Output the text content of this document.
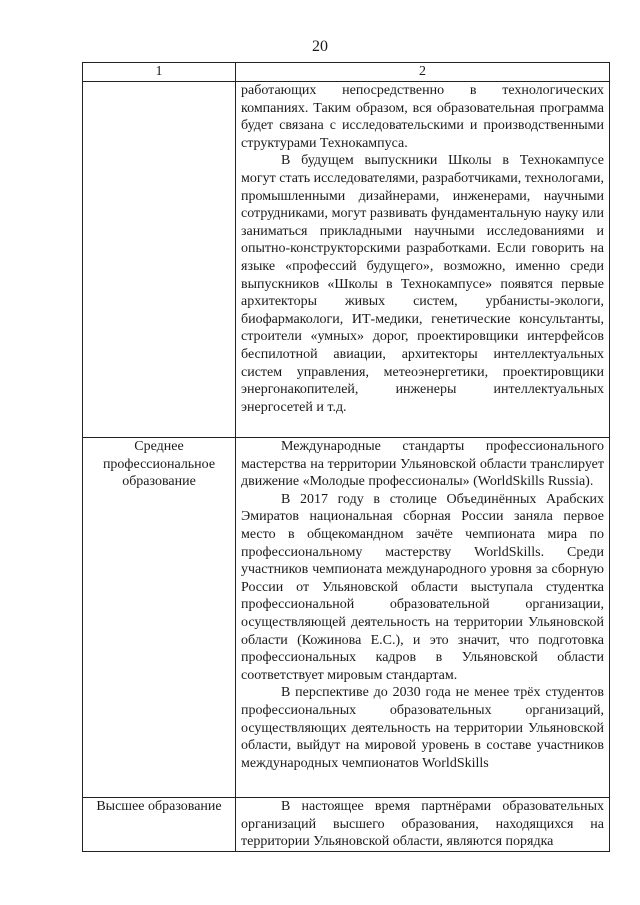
20
1	2

	работающих непосредственно в технологических компаниях. Таким образом, вся образовательная программа будет связана с исследовательскими и производственными структурами Технокампуса.

В будущем выпускники Школы в Технокампусе могут стать исследователями, разработчиками, технологами, промышленными дизайнерами, инженерами, научными сотрудниками, могут развивать фундаментальную науку или заниматься прикладными научными исследованиями и опытно-конструкторскими разработками. Если говорить на языке «профессий будущего», возможно, именно среди выпускников «Школы в Технокампусе» появятся первые архитекторы живых систем, урбанисты-экологи, биофармакологи, ИТ-медики, генетические консультанты, строители «умных» дорог, проектировщики интерфейсов беспилотной авиации, архитекторы интеллектуальных систем управления, метеоэнергетики, проектировщики энергонакопителей, инженеры интеллектуальных энергосетей и т.д.

Среднее профессиональное образование	Международные стандарты профессионального мастерства на территории Ульяновской области транслирует движение «Молодые профессионалы» (WorldSkills Russia).

В 2017 году в столице Объединённых Арабских Эмиратов национальная сборная России заняла первое место в общекомандном зачёте чемпионата мира по профессиональному мастерству WorldSkills. Среди участников чемпионата международного уровня за сборную России от Ульяновской области выступала студентка профессиональной образовательной организации, осуществляющей деятельность на территории Ульяновской области (Кожинова Е.С.), и это значит, что подготовка профессиональных кадров в Ульяновской области соответствует мировым стандартам.

В перспективе до 2030 года не менее трёх студентов профессиональных образовательных организаций, осуществляющих деятельность на территории Ульяновской области, выйдут на мировой уровень в составе участников международных чемпионатов WorldSkills

Высшее образование	В настоящее время партнёрами образовательных организаций высшего образования, находящихся на территории Ульяновской области, являются порядка
